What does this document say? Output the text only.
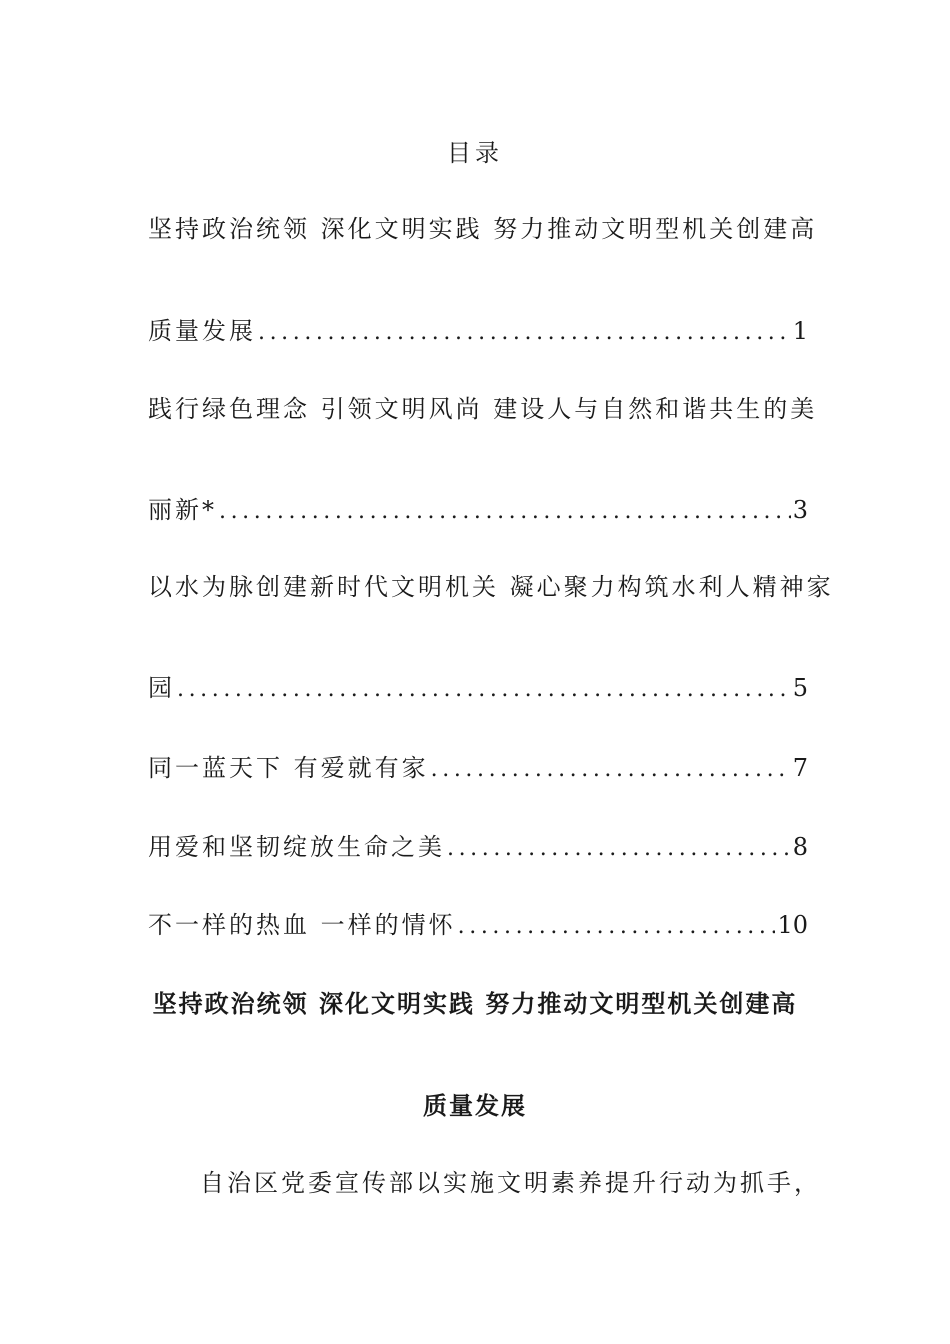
目录
坚持政治统领 深化文明实践 努力推动文明型机关创建高
质量发展 . . .	1
践行绿色理念 引领文明风尚 建设人与自然和谐共生的美
丽新* . . .	3
以水为脉创建新时代文明机关 凝心聚力构筑水利人精神家
园 . . .	5
同一蓝天下 有爱就有家 . . .	7
用爱和坚韧绽放生命之美 . . .	8
不一样的热血 一样的情怀 . . .	10
坚持政治统领 深化文明实践 努力推动文明型机关创建高
质量发展
自治区党委宣传部以实施文明素养提升行动为抓手，
